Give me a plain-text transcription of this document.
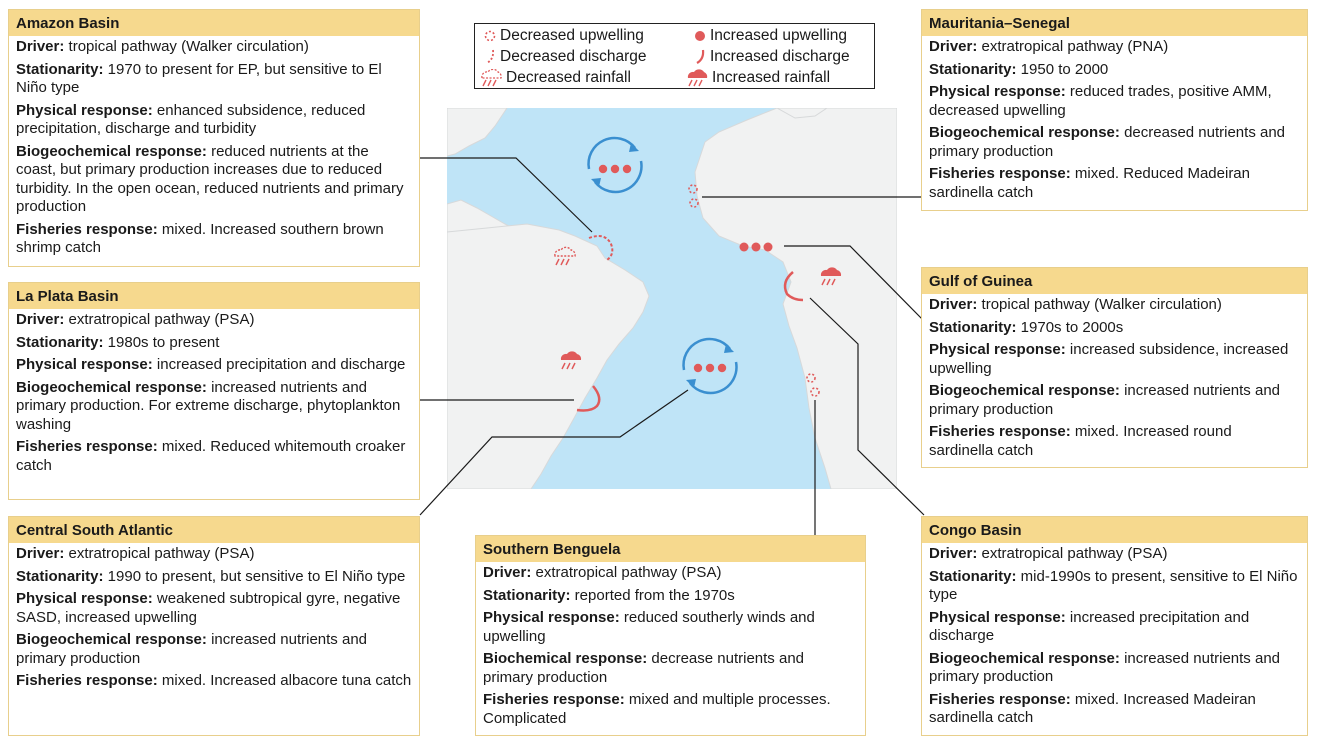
Decreased upwelling	Increased upwelling
Decreased discharge	Increased discharge
Decreased rainfall	Increased rainfall
Amazon Basin

Driver: tropical pathway (Walker circulation)

Stationarity: 1970 to present for EP, but sensitive to El Niño type

Physical response: enhanced subsidence, reduced precipitation, discharge and turbidity

Biogeochemical response: reduced nutrients at the coast, but primary production increases due to reduced turbidity. In the open ocean, reduced nutrients and primary production

Fisheries response: mixed. Increased southern brown shrimp catch

La Plata Basin

Driver: extratropical pathway (PSA)

Stationarity: 1980s to present

Physical response: increased precipitation and discharge

Biogeochemical response: increased nutrients and primary production. For extreme discharge, phytoplankton washing

Fisheries response: mixed. Reduced whitemouth croaker catch

Central South Atlantic

Driver: extratropical pathway (PSA)

Stationarity: 1990 to present, but sensitive to El Niño type

Physical response: weakened subtropical gyre, negative SASD, increased upwelling

Biogeochemical response: increased nutrients and primary production

Fisheries response: mixed. Increased albacore tuna catch

Southern Benguela

Driver: extratropical pathway (PSA)

Stationarity: reported from the 1970s

Physical response: reduced southerly winds and upwelling

Biochemical response: decrease nutrients and primary production

Fisheries response: mixed and multiple processes. Complicated

Mauritania–Senegal

Driver: extratropical pathway (PNA)

Stationarity: 1950 to 2000

Physical response: reduced trades, positive AMM, decreased upwelling

Biogeochemical response: decreased nutrients and primary production

Fisheries response: mixed. Reduced Madeiran sardinella catch

Gulf of Guinea

Driver: tropical pathway (Walker circulation)

Stationarity: 1970s to 2000s

Physical response: increased subsidence, increased upwelling

Biogeochemical response: increased nutrients and primary production

Fisheries response: mixed. Increased round sardinella catch

Congo Basin

Driver: extratropical pathway (PSA)

Stationarity: mid-1990s to present, sensitive to El Niño type

Physical response: increased precipitation and discharge

Biogeochemical response: increased nutrients and primary production

Fisheries response: mixed. Increased Madeiran sardinella catch
